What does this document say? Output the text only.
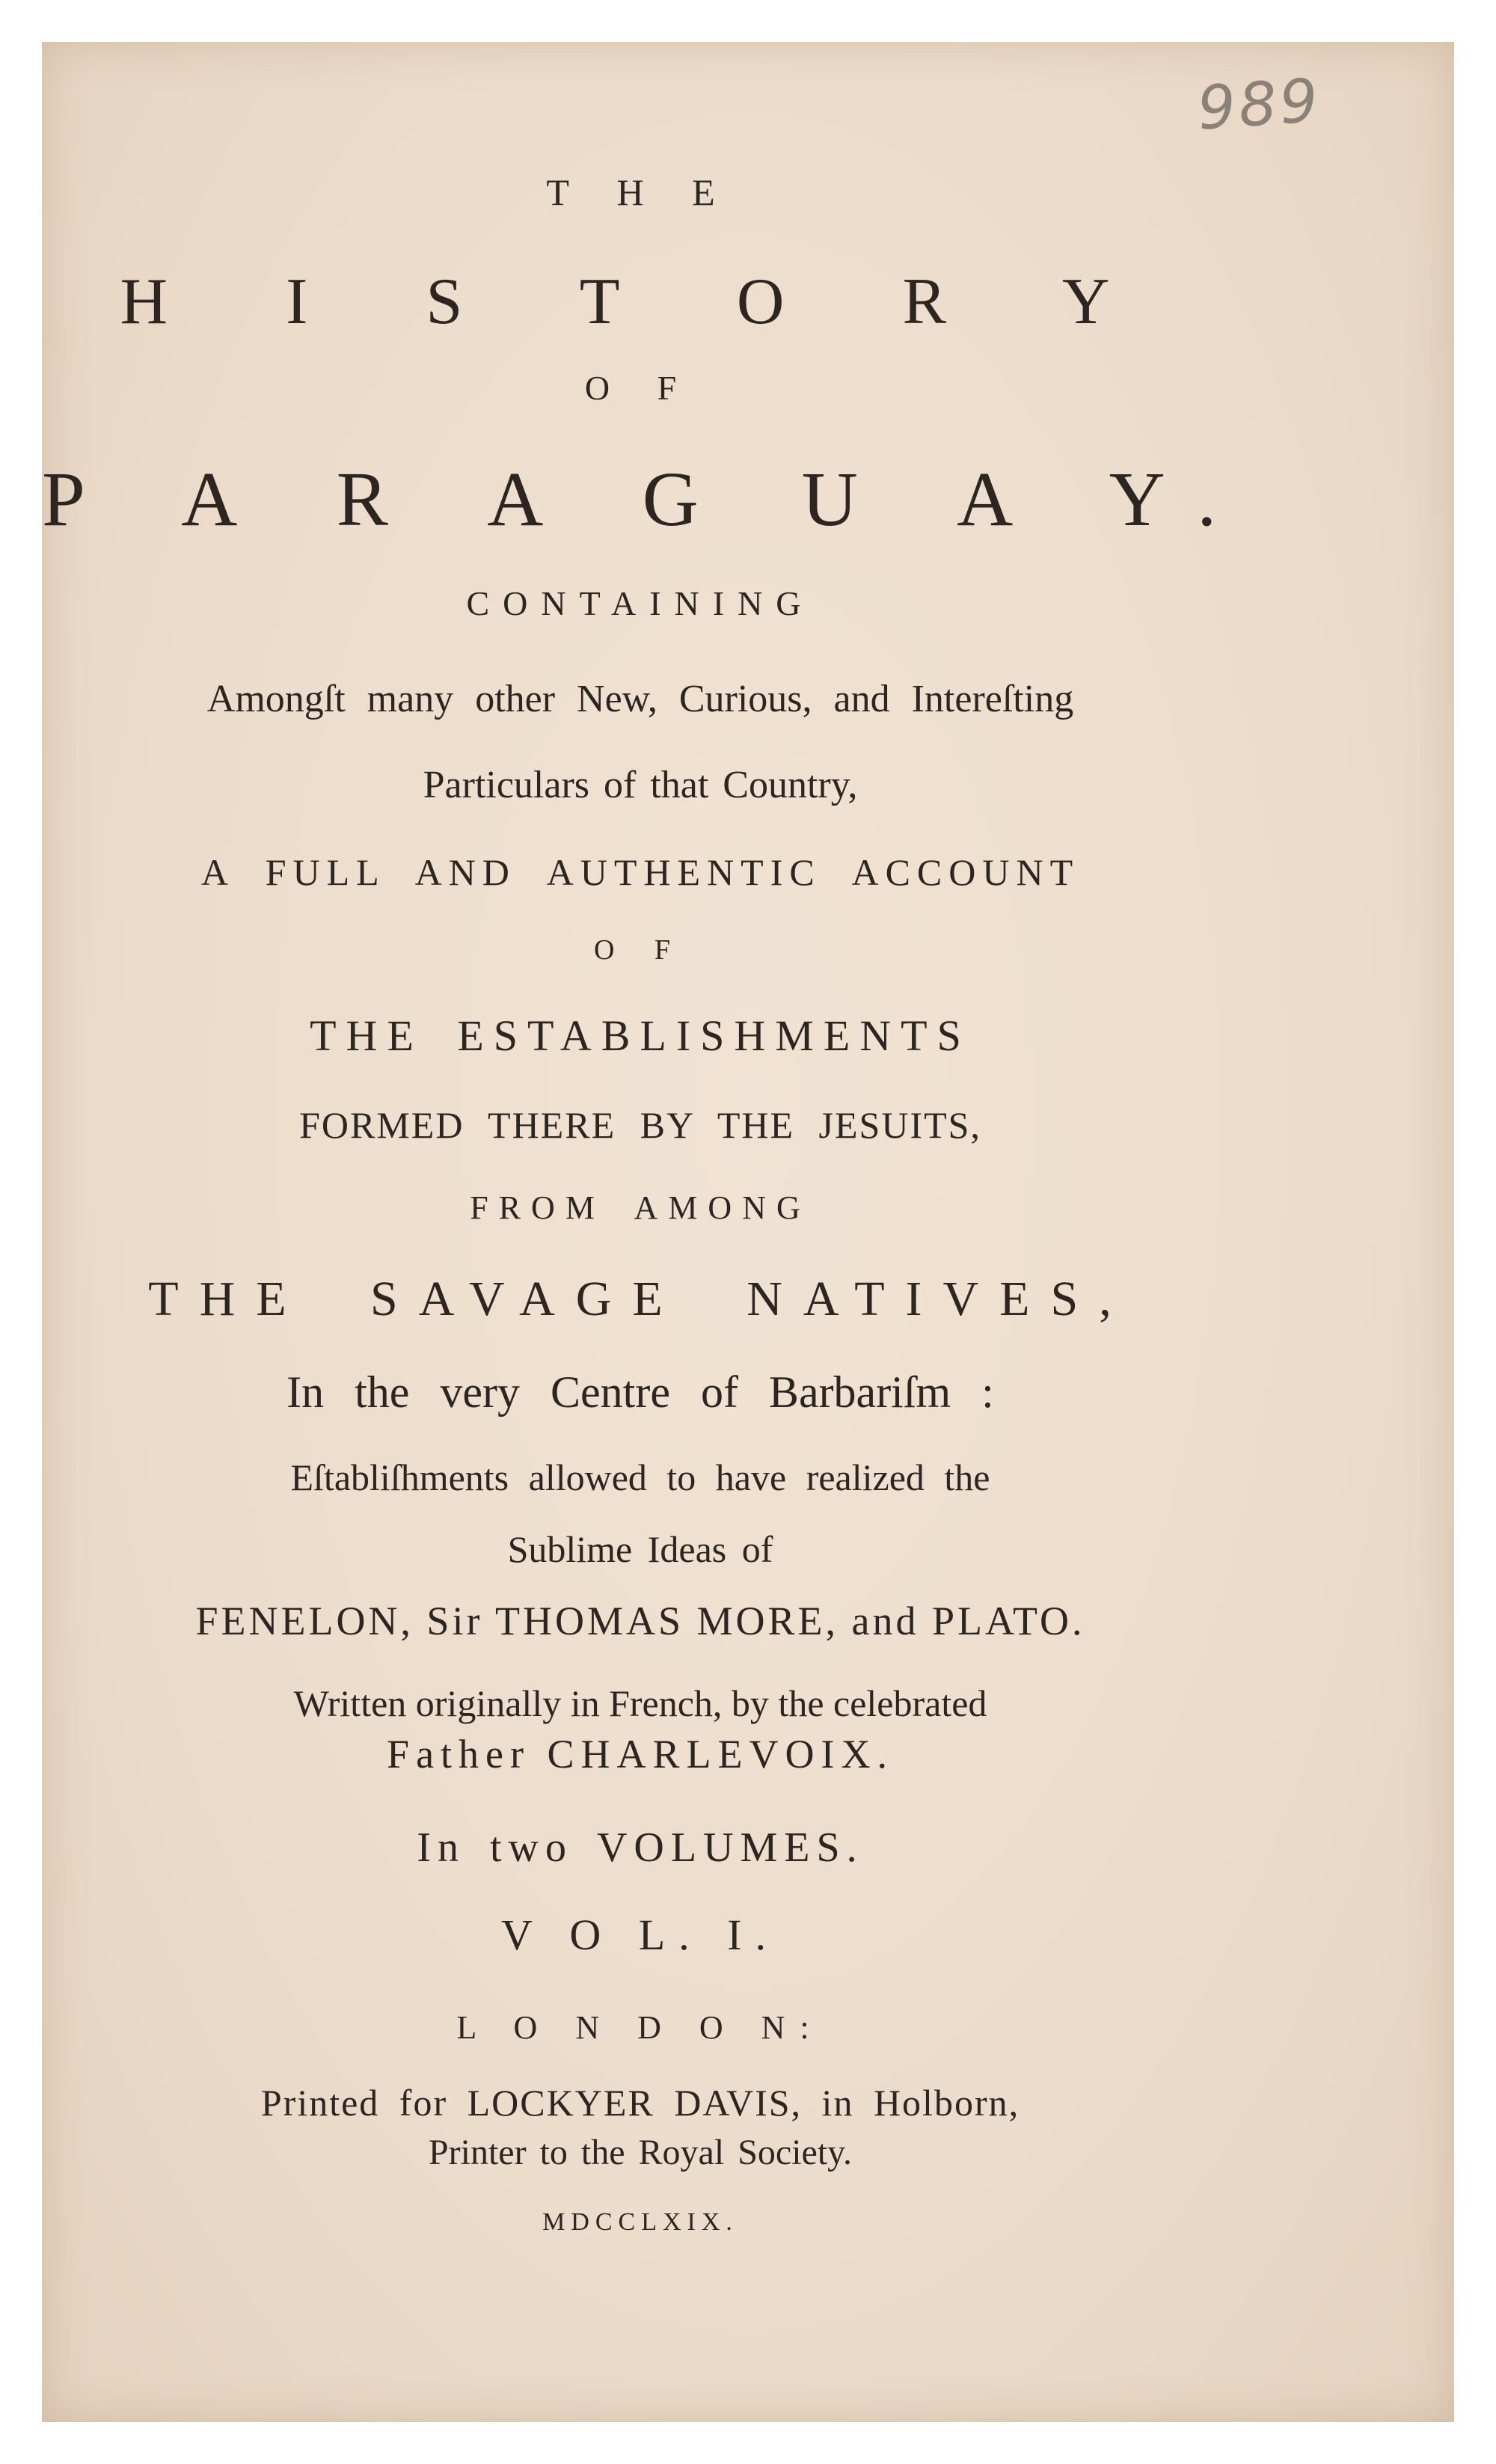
989

T H E

H I S T O R Y

O F

P A R A G U A Y.

CONTAINING

Amongſt many other New, Curious, and Intereſting

Particulars of that Country,

A FULL AND AUTHENTIC ACCOUNT

O F

THE ESTABLISHMENTS

FORMED THERE BY THE JESUITS,

FROM AMONG

THE SAVAGE NATIVES,

In the very Centre of Barbariſm :

Eſtabliſhments allowed to have realized the

Sublime Ideas of

FENELON, Sir THOMAS MORE, and PLATO.

Written originally in French, by the celebrated

Father CHARLEVOIX.

In two VOLUMES.

V O L. I.

L O N D O N:

Printed for LOCKYER DAVIS, in Holborn,

Printer to the Royal Society.

MDCCLXIX.
